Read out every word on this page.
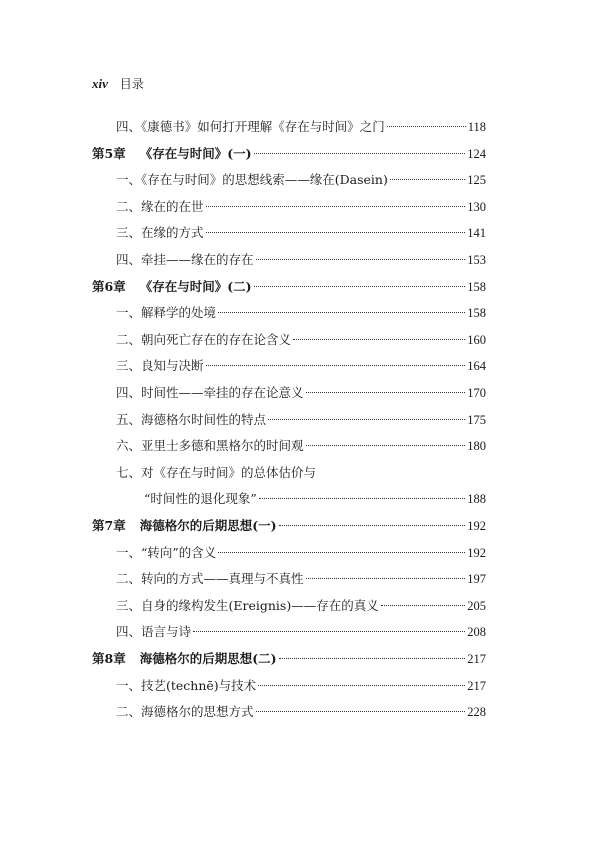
xiv 目录
四、《康德书》如何打开理解《存在与时间》之门	118
第5章 《存在与时间》(一)	124
一、《存在与时间》的思想线索——缘在(Dasein)	125
二、缘在的在世	130
三、在缘的方式	141
四、牵挂——缘在的存在	153
第6章 《存在与时间》(二)	158
一、解释学的处境	158
二、朝向死亡存在的存在论含义	160
三、良知与决断	164
四、时间性——牵挂的存在论意义	170
五、海德格尔时间性的特点	175
六、亚里士多德和黑格尔的时间观	180
七、对《存在与时间》的总体估价与
“时间性的退化现象”	188
第7章 海德格尔的后期思想(一)	192
一、“转向”的含义	192
二、转向的方式——真理与不真性	197
三、自身的缘构发生(Ereignis)——存在的真义	205
四、语言与诗	208
第8章 海德格尔的后期思想(二)	217
一、技艺(technē)与技术	217
二、海德格尔的思想方式	228
